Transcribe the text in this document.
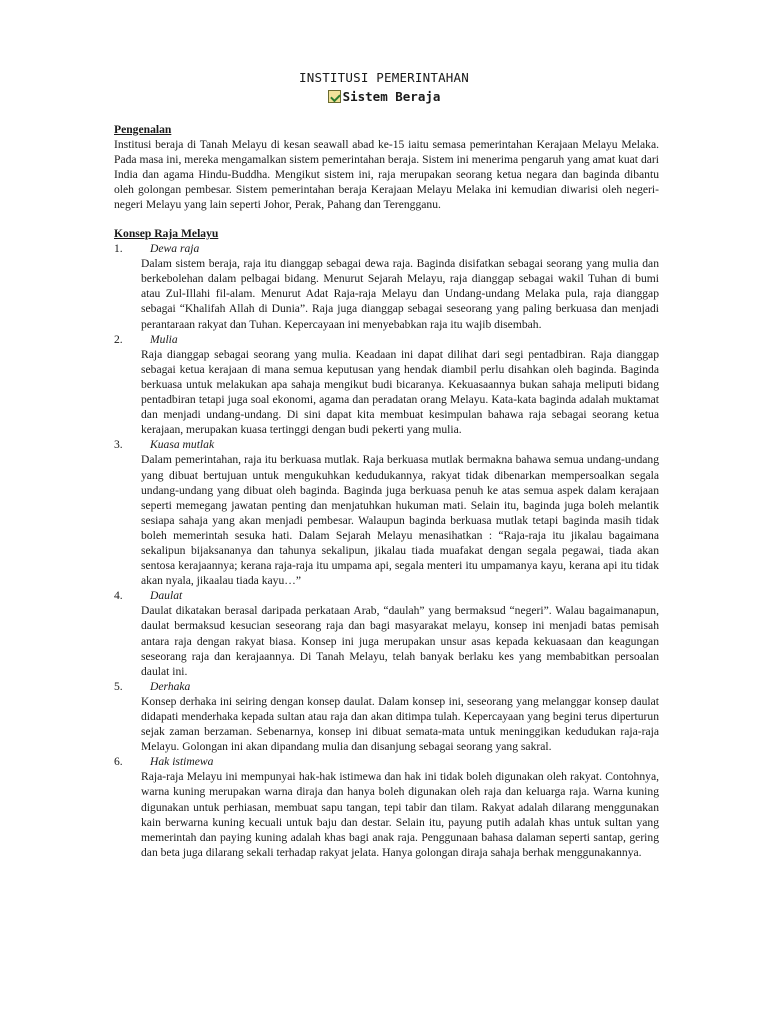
INSTITUSI PEMERINTAHAN
Sistem Beraja
Pengenalan

Institusi beraja di Tanah Melayu di kesan seawall abad ke-15 iaitu semasa pemerintahan Kerajaan Melayu Melaka. Pada masa ini, mereka mengamalkan sistem pemerintahan beraja. Sistem ini menerima pengaruh yang amat kuat dari India dan agama Hindu-Buddha. Mengikut sistem ini, raja merupakan seorang ketua negara dan baginda dibantu oleh golongan pembesar. Sistem pemerintahan beraja Kerajaan Melayu Melaka ini kemudian diwarisi oleh negeri-negeri Melayu yang lain seperti Johor, Perak, Pahang dan Terengganu.

Konsep Raja Melayu
1.	Dewa raja

Dalam sistem beraja, raja itu dianggap sebagai dewa raja. Baginda disifatkan sebagai seorang yang mulia dan berkebolehan dalam pelbagai bidang. Menurut Sejarah Melayu, raja dianggap sebagai wakil Tuhan di bumi atau Zul-Illahi fil-alam. Menurut Adat Raja-raja Melayu dan Undang-undang Melaka pula, raja dianggap sebagai “Khalifah Allah di Dunia”. Raja juga dianggap sebagai seseorang yang paling berkuasa dan menjadi perantaraan rakyat dan Tuhan. Kepercayaan ini menyebabkan raja itu wajib disembah.

2.	Mulia

Raja dianggap sebagai seorang yang mulia. Keadaan ini dapat dilihat dari segi pentadbiran. Raja dianggap sebagai ketua kerajaan di mana semua keputusan yang hendak diambil perlu disahkan oleh baginda. Baginda berkuasa untuk melakukan apa sahaja mengikut budi bicaranya. Kekuasaannya bukan sahaja meliputi bidang pentadbiran tetapi juga soal ekonomi, agama dan peradatan orang Melayu. Kata-kata baginda adalah muktamat dan menjadi undang-undang. Di sini dapat kita membuat kesimpulan bahawa raja sebagai seorang ketua kerajaan, merupakan kuasa tertinggi dengan budi pekerti yang mulia.

3.	Kuasa mutlak

Dalam pemerintahan, raja itu berkuasa mutlak. Raja berkuasa mutlak bermakna bahawa semua undang-undang yang dibuat bertujuan untuk mengukuhkan kedudukannya, rakyat tidak dibenarkan mempersoalkan segala undang-undang yang dibuat oleh baginda. Baginda juga berkuasa penuh ke atas semua aspek dalam kerajaan seperti memegang jawatan penting dan menjatuhkan hukuman mati. Selain itu, baginda juga boleh melantik sesiapa sahaja yang akan menjadi pembesar. Walaupun baginda berkuasa mutlak tetapi baginda masih tidak boleh memerintah sesuka hati. Dalam Sejarah Melayu menasihatkan : “Raja-raja itu jikalau bagaimana sekalipun bijaksananya dan tahunya sekalipun, jikalau tiada muafakat dengan segala pegawai, tiada akan sentosa kerajaannya; kerana raja-raja itu umpama api, segala menteri itu umpamanya kayu, kerana api itu tidak akan nyala, jikaalau tiada kayu…”

4.	Daulat

Daulat dikatakan berasal daripada perkataan Arab, “daulah” yang bermaksud “negeri”. Walau bagaimanapun, daulat bermaksud kesucian seseorang raja dan bagi masyarakat melayu, konsep ini menjadi batas pemisah antara raja dengan rakyat biasa. Konsep ini juga merupakan unsur asas kepada kekuasaan dan keagungan seseorang raja dan kerajaannya. Di Tanah Melayu, telah banyak berlaku kes yang membabitkan persoalan daulat ini.

5.	Derhaka

Konsep derhaka ini seiring dengan konsep daulat. Dalam konsep ini, seseorang yang melanggar konsep daulat didapati menderhaka kepada sultan atau raja dan akan ditimpa tulah. Kepercayaan yang begini terus diperturun sejak zaman berzaman. Sebenarnya, konsep ini dibuat semata-mata untuk meninggikan kedudukan raja-raja Melayu. Golongan ini akan dipandang mulia dan disanjung sebagai seorang yang sakral.

6.	Hak istimewa

Raja-raja Melayu ini mempunyai hak-hak istimewa dan hak ini tidak boleh digunakan oleh rakyat. Contohnya, warna kuning merupakan warna diraja dan hanya boleh digunakan oleh raja dan keluarga raja. Warna kuning digunakan untuk perhiasan, membuat sapu tangan, tepi tabir dan tilam. Rakyat adalah dilarang menggunakan kain berwarna kuning kecuali untuk baju dan destar. Selain itu, payung putih adalah khas untuk sultan yang memerintah dan paying kuning adalah khas bagi anak raja. Penggunaan bahasa dalaman seperti santap, gering dan beta juga dilarang sekali terhadap rakyat jelata. Hanya golongan diraja sahaja berhak menggunakannya.
